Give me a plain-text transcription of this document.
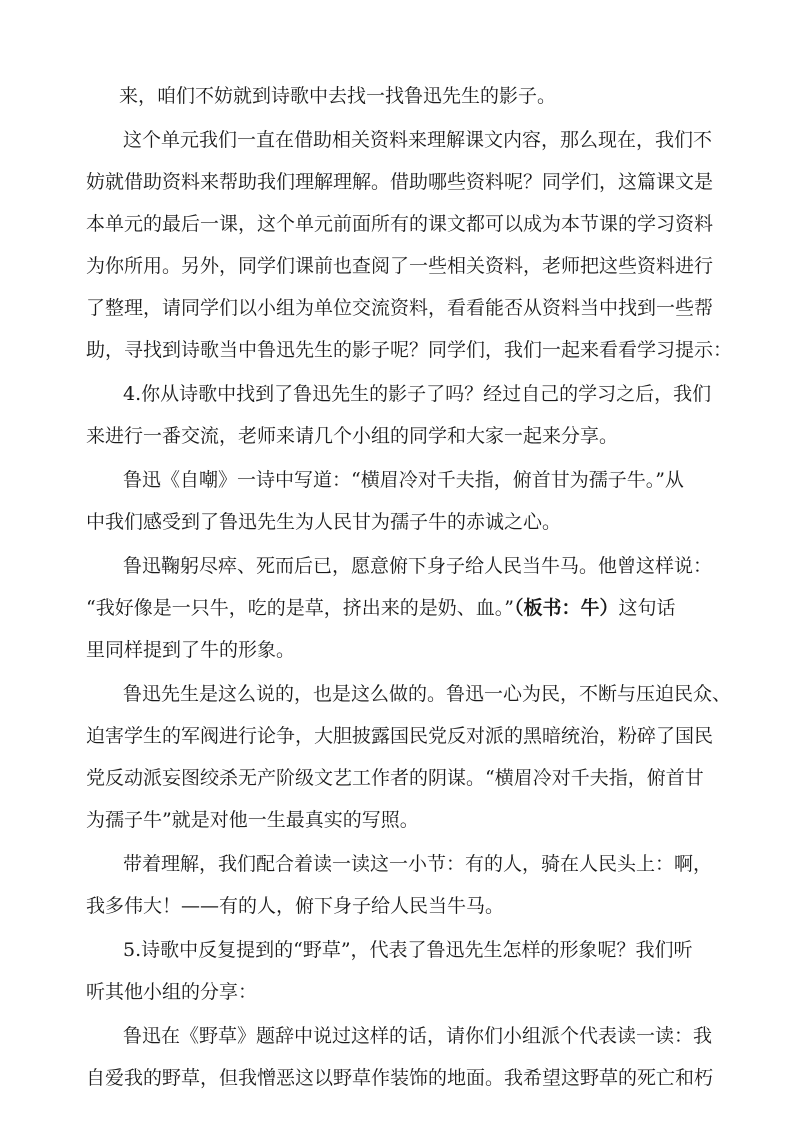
来，咱们不妨就到诗歌中去找一找鲁迅先生的影子。
这个单元我们一直在借助相关资料来理解课文内容，那么现在，我们不
妨就借助资料来帮助我们理解理解。借助哪些资料呢？同学们，这篇课文是
本单元的最后一课，这个单元前面所有的课文都可以成为本节课的学习资料
为你所用。另外，同学们课前也查阅了一些相关资料，老师把这些资料进行
了整理，请同学们以小组为单位交流资料，看看能否从资料当中找到一些帮
助，寻找到诗歌当中鲁迅先生的影子呢？同学们，我们一起来看看学习提示：
4.你从诗歌中找到了鲁迅先生的影子了吗？经过自己的学习之后，我们
来进行一番交流，老师来请几个小组的同学和大家一起来分享。
鲁迅《自嘲》一诗中写道：“横眉冷对千夫指，俯首甘为孺子牛。”从
中我们感受到了鲁迅先生为人民甘为孺子牛的赤诚之心。
鲁迅鞠躬尽瘁、死而后已，愿意俯下身子给人民当牛马。他曾这样说：
“我好像是一只牛，吃的是草，挤出来的是奶、血。”（板书：牛）这句话
里同样提到了牛的形象。
鲁迅先生是这么说的，也是这么做的。鲁迅一心为民，不断与压迫民众、
迫害学生的军阀进行论争，大胆披露国民党反对派的黑暗统治，粉碎了国民
党反动派妄图绞杀无产阶级文艺工作者的阴谋。“横眉冷对千夫指，俯首甘
为孺子牛”就是对他一生最真实的写照。
带着理解，我们配合着读一读这一小节：有的人，骑在人民头上：啊，
我多伟大！——有的人，俯下身子给人民当牛马。
5.诗歌中反复提到的“野草”，代表了鲁迅先生怎样的形象呢？我们听
听其他小组的分享：
鲁迅在《野草》题辞中说过这样的话，请你们小组派个代表读一读：我
自爱我的野草，但我憎恶这以野草作装饰的地面。我希望这野草的死亡和朽
